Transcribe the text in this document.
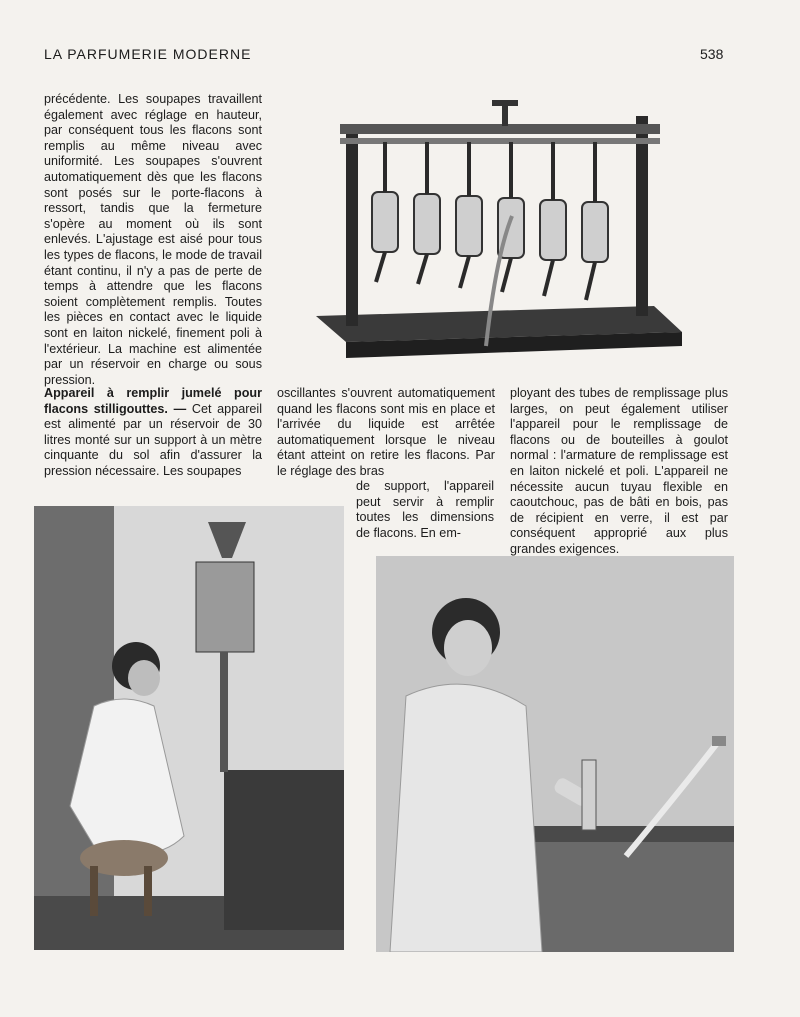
LA PARFUMERIE MODERNE	538

précédente. Les soupapes travaillent également avec réglage en hauteur, par conséquent tous les flacons sont remplis au même niveau avec uniformité. Les soupapes s'ouvrent automatiquement dès que les flacons sont posés sur le porte-flacons à ressort, tandis que la fermeture s'opère au moment où ils sont enlevés. L'ajustage est aisé pour tous les types de flacons, le mode de travail étant continu, il n'y a pas de perte de temps à attendre que les flacons soient complètement remplis. Toutes les pièces en contact avec le liquide sont en laiton nickelé, finement poli à l'extérieur. La machine est alimentée par un réservoir en charge ou sous pression.

Appareil à remplir jumelé pour flacons stilligouttes. — Cet appareil est alimenté par un réservoir de 30 litres monté sur un support à un mètre cinquante du sol afin d'assurer la pression nécessaire. Les soupapes

oscillantes s'ouvrent automatiquement quand les flacons sont mis en place et l'arrivée du liquide est arrêtée automatiquement lorsque le niveau étant atteint on retire les flacons. Par le réglage des bras

de support, l'appareil peut servir à remplir toutes les dimensions de flacons. En em-

ployant des tubes de remplissage plus larges, on peut également utiliser l'appareil pour le remplissage de flacons ou de bouteilles à goulot normal : l'armature de remplissage est en laiton nickelé et poli. L'appareil ne nécessite aucun tuyau flexible en caoutchouc, pas de bâti en bois, pas de récipient en verre, il est par conséquent approprié aux plus grandes exigences.
